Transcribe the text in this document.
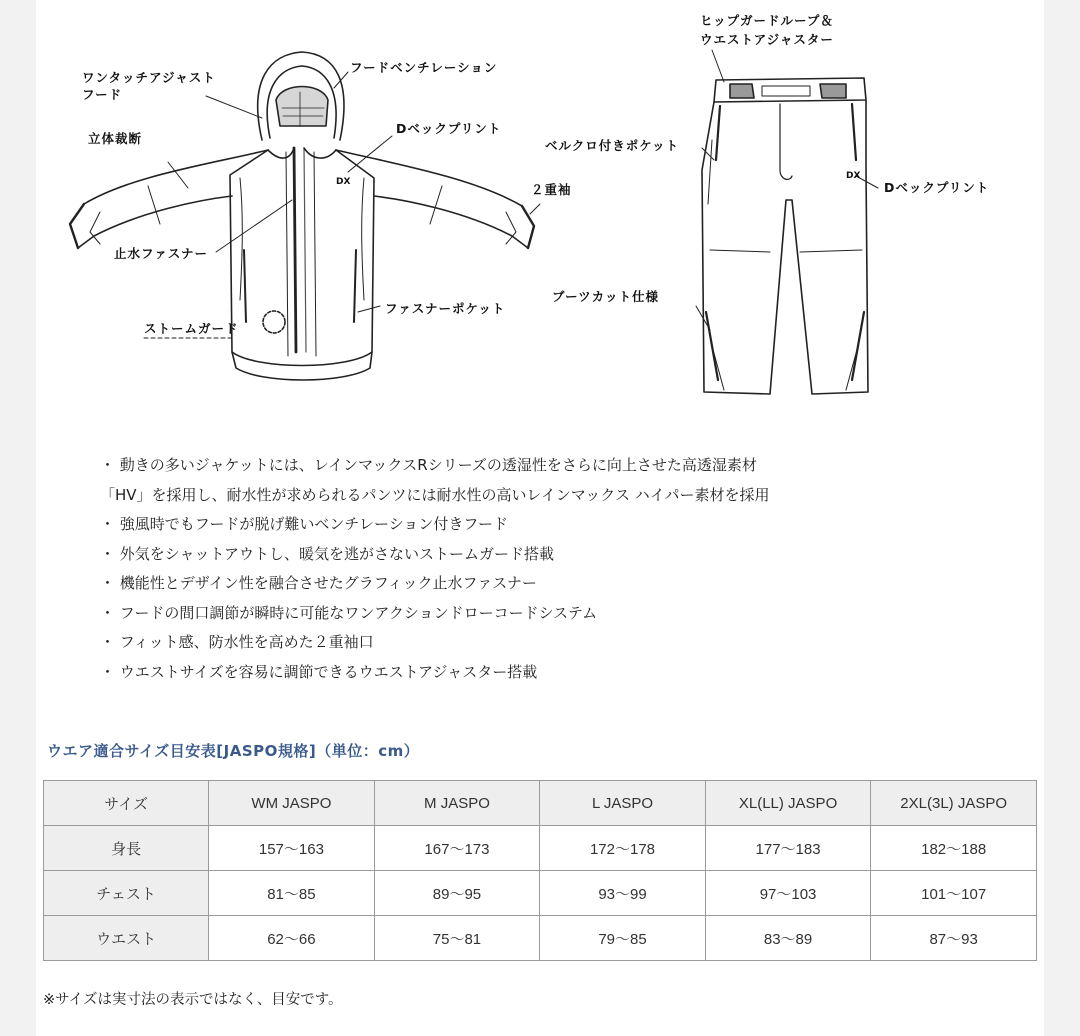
DX
DX
ワンタッチアジャスト
フード
フードベンチレーション
Dベックプリント
立体裁断
２重袖
止水ファスナー
ファスナーポケット
ストームガード
ヒップガードループ＆
ウエストアジャスター
ベルクロ付きポケット
Dベックプリント
ブーツカット仕様
・ 動きの多いジャケットには、レインマックスRシリーズの透湿性をさらに向上させた高透湿素材
「HV」を採用し、耐水性が求められるパンツには耐水性の高いレインマックス ハイパー素材を採用
・ 強風時でもフードが脱げ難いベンチレーション付きフード
・ 外気をシャットアウトし、暖気を逃がさないストームガード搭載
・ 機能性とデザイン性を融合させたグラフィック止水ファスナー
・ フードの間口調節が瞬時に可能なワンアクションドローコードシステム
・ フィット感、防水性を高めた２重袖口
・ ウエストサイズを容易に調節できるウエストアジャスター搭載
ウエア適合サイズ目安表[JASPO規格]（単位：cm）
サイズ	WM JASPO	M JASPO	L JASPO	XL(LL) JASPO	2XL(3L) JASPO
身長	157～163	167～173	172～178	177～183	182～188
チェスト	81～85	89～95	93～99	97～103	101～107
ウエスト	62～66	75～81	79～85	83～89	87～93
※サイズは実寸法の表示ではなく、目安です。
